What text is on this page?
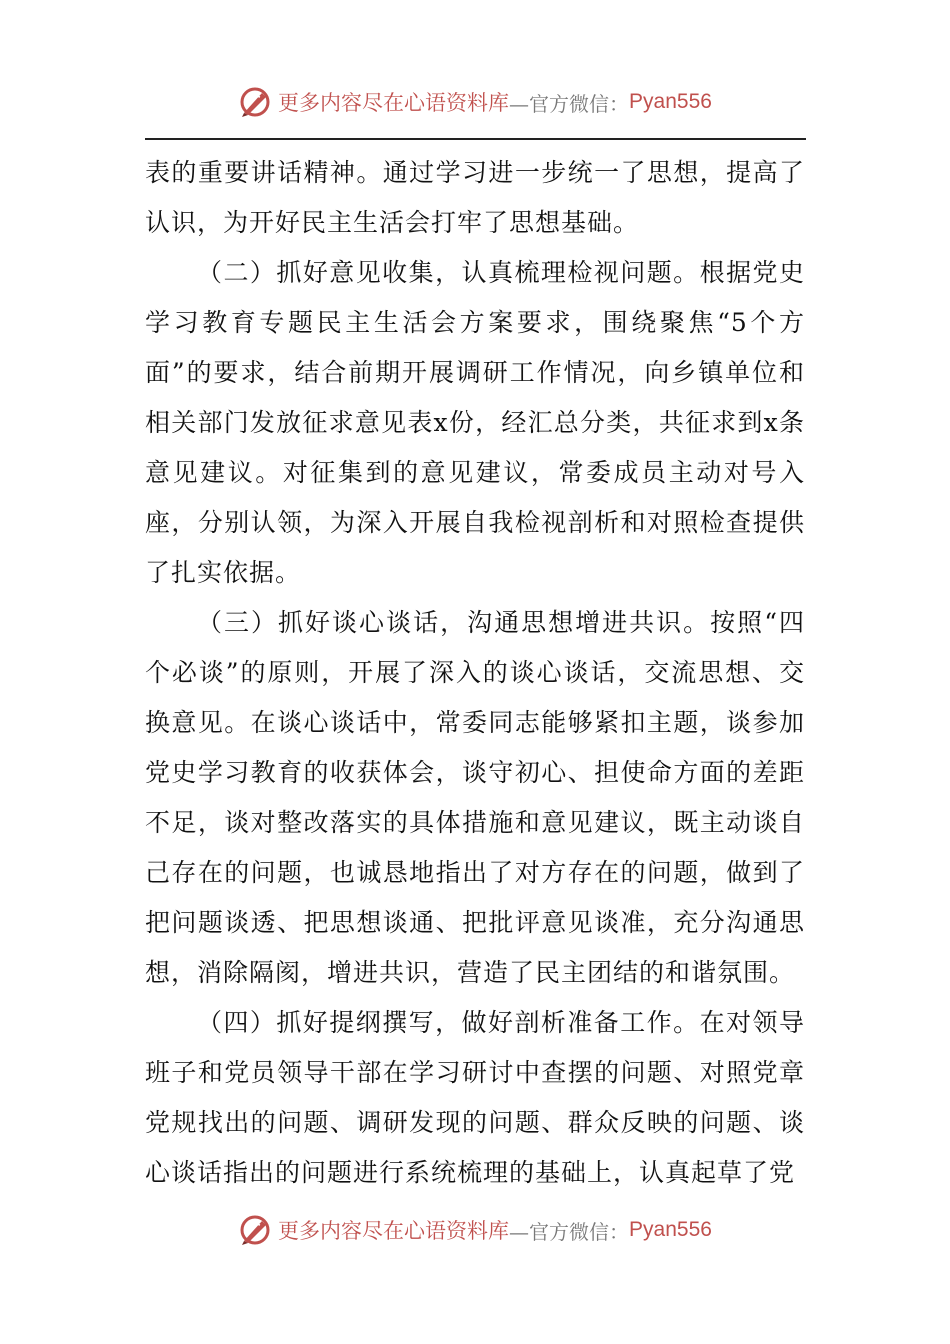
更多内容尽在心语资料库 —官方微信： Pyan556

表的重要讲话精神。通过学习进一步统一了思想，提高了认识，为开好民主生活会打牢了思想基础。

（二）抓好意见收集，认真梳理检视问题。根据党史学习教育专题民主生活会方案要求，围绕聚焦“5个方面”的要求，结合前期开展调研工作情况，向乡镇单位和相关部门发放征求意见表x份，经汇总分类，共征求到x条意见建议。对征集到的意见建议，常委成员主动对号入座，分别认领，为深入开展自我检视剖析和对照检查提供了扎实依据。

（三）抓好谈心谈话，沟通思想增进共识。按照“四个必谈”的原则，开展了深入的谈心谈话，交流思想、交换意见。在谈心谈话中，常委同志能够紧扣主题，谈参加党史学习教育的收获体会，谈守初心、担使命方面的差距不足，谈对整改落实的具体措施和意见建议，既主动谈自己存在的问题，也诚恳地指出了对方存在的问题，做到了把问题谈透、把思想谈通、把批评意见谈准，充分沟通思想，消除隔阂，增进共识，营造了民主团结的和谐氛围。

（四）抓好提纲撰写，做好剖析准备工作。在对领导班子和党员领导干部在学习研讨中查摆的问题、对照党章党规找出的问题、调研发现的问题、群众反映的问题、谈心谈话指出的问题进行系统梳理的基础上，认真起草了党

更多内容尽在心语资料库 —官方微信： Pyan556
